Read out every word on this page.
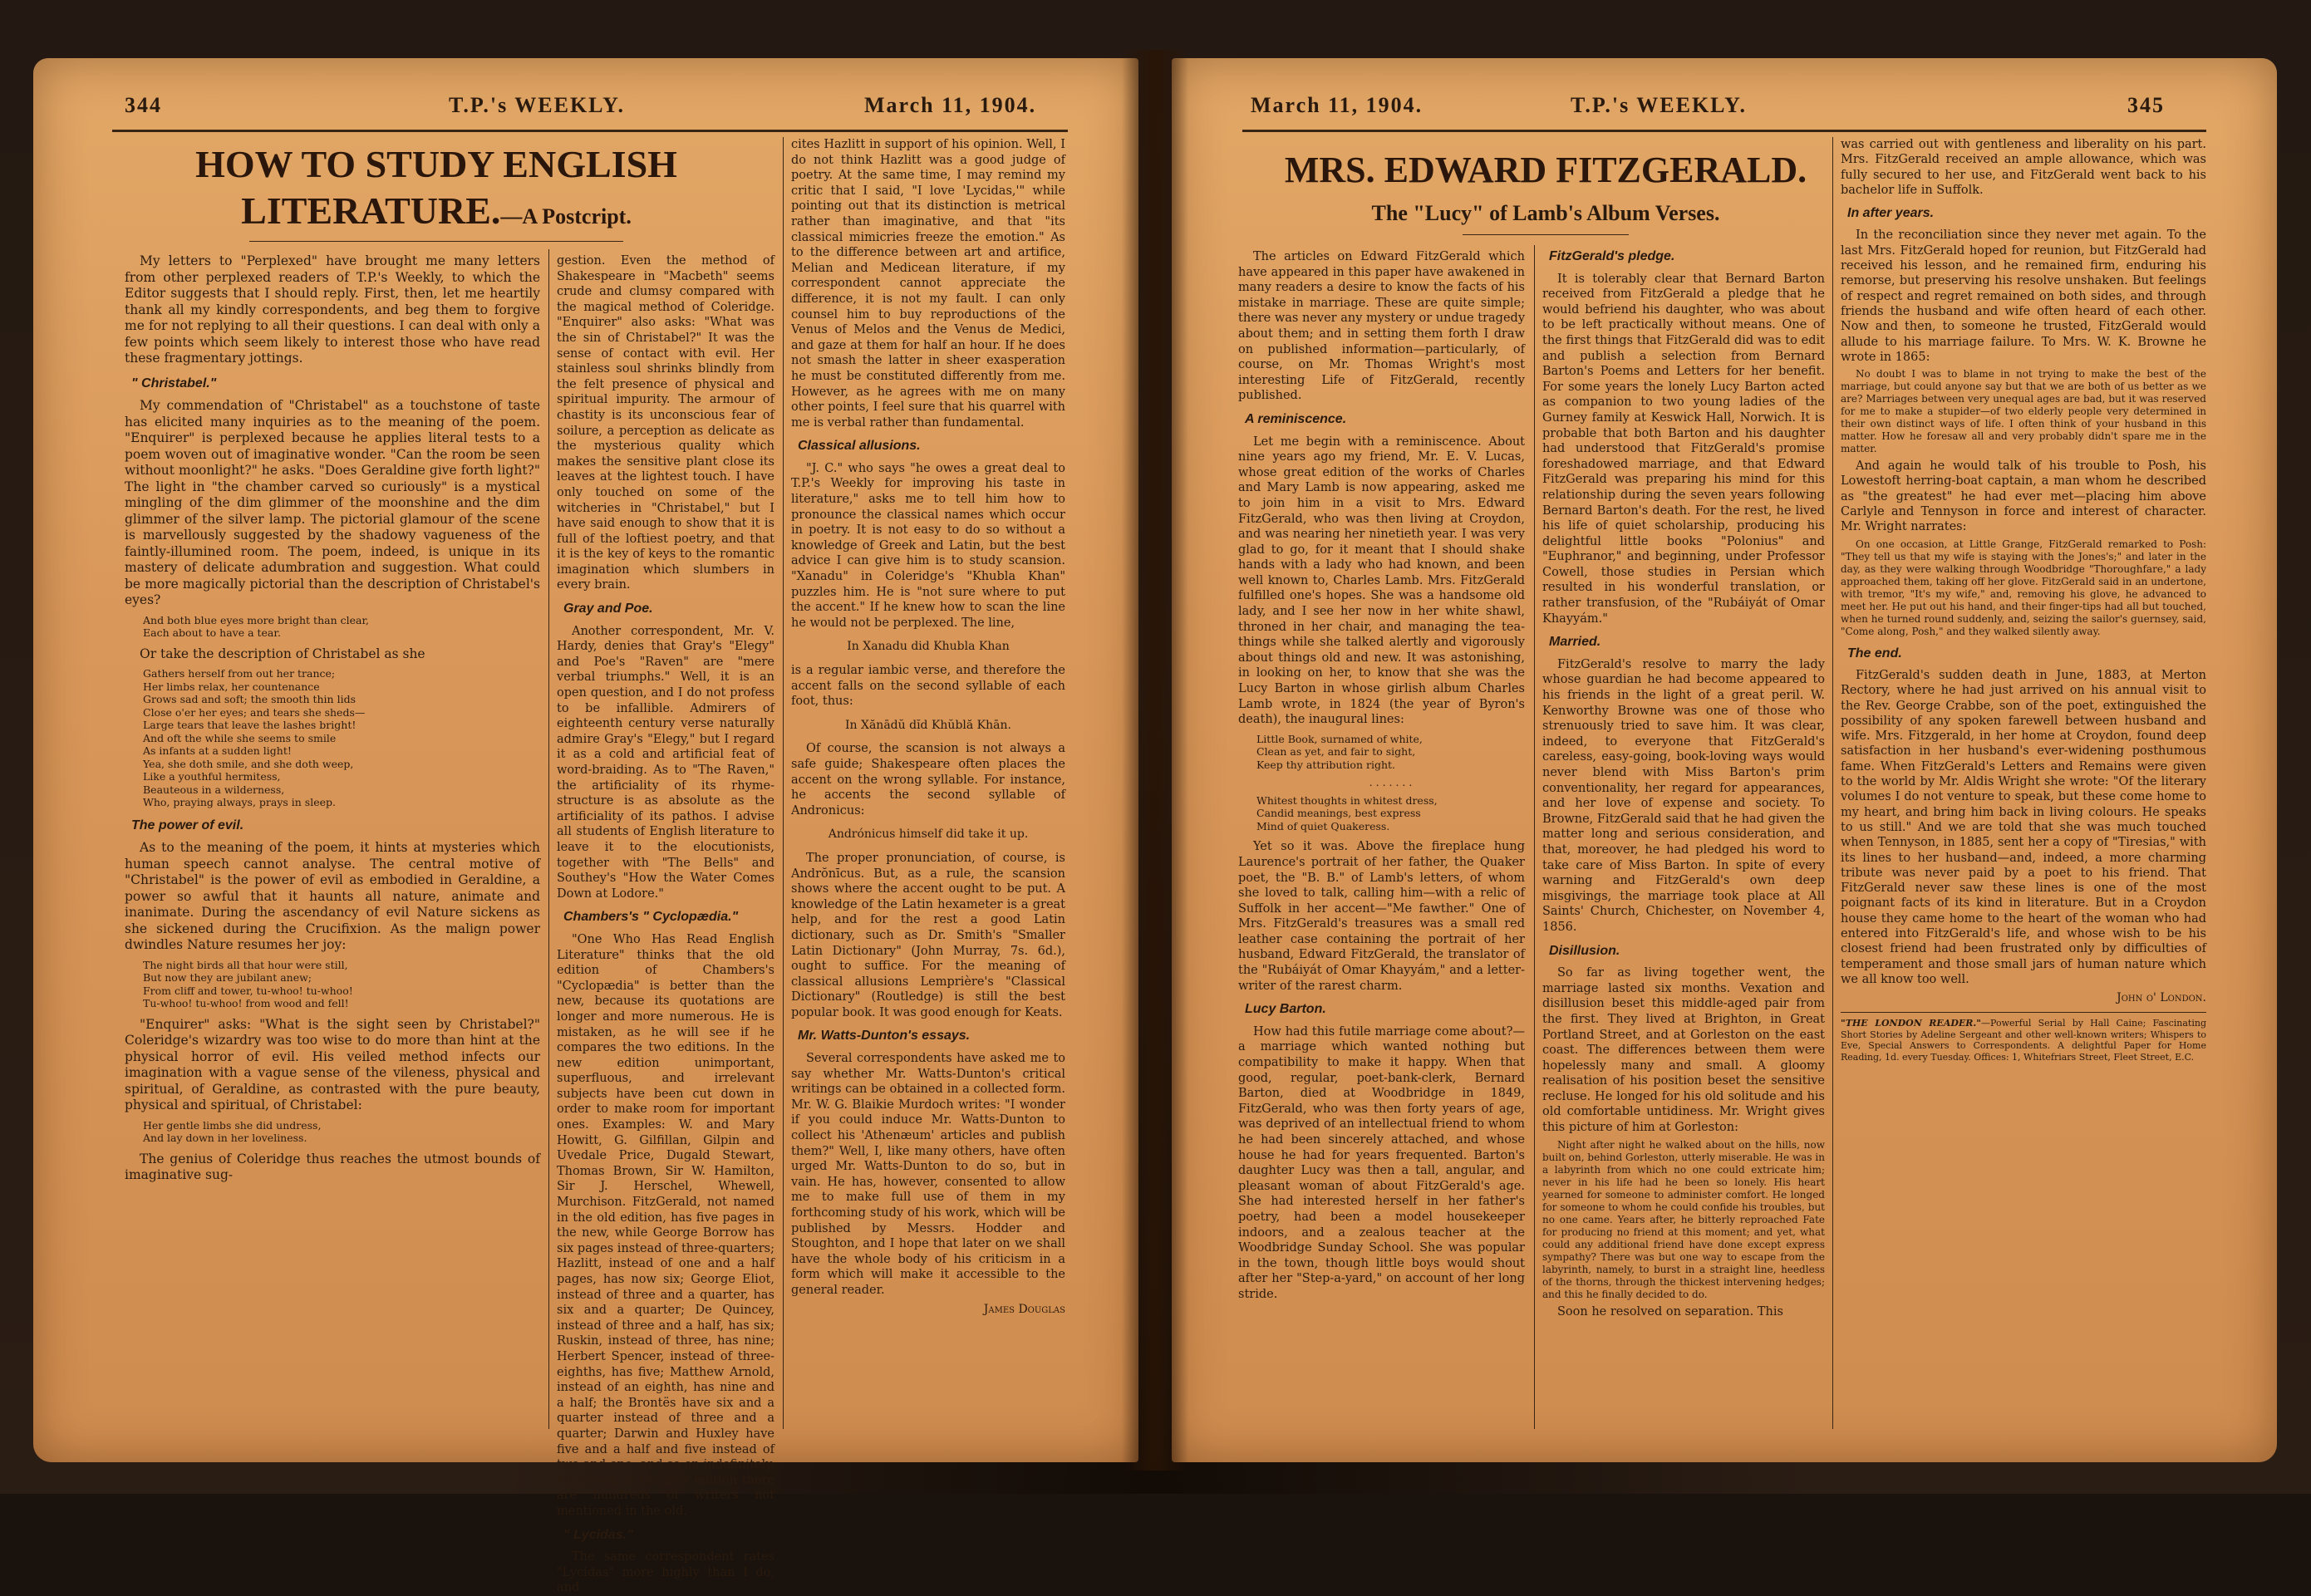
344	T.P.'s WEEKLY.	March 11, 1904.
HOW TO STUDY ENGLISH
LITERATURE.—A Postcript.

My letters to "Perplexed" have brought me many letters from other perplexed readers of T.P.'s Weekly, to which the Editor suggests that I should reply. First, then, let me heartily thank all my kindly correspondents, and beg them to forgive me for not replying to all their questions. I can deal with only a few points which seem likely to interest those who have read these fragmentary jottings.

" Christabel."

My commendation of "Christabel" as a touchstone of taste has elicited many inquiries as to the meaning of the poem. "Enquirer" is perplexed because he applies literal tests to a poem woven out of imaginative wonder. "Can the room be seen without moonlight?" he asks. "Does Geraldine give forth light?" The light in "the chamber carved so curiously" is a mystical mingling of the dim glimmer of the moonshine and the dim glimmer of the silver lamp. The pictorial glamour of the scene is marvellously suggested by the shadowy vagueness of the faintly-illumined room. The poem, indeed, is unique in its mastery of delicate adumbration and suggestion. What could be more magically pictorial than the description of Christabel's eyes?

And both blue eyes more bright than clear,
Each about to have a tear.

Or take the description of Christabel as she

Gathers herself from out her trance;
Her limbs relax, her countenance
Grows sad and soft; the smooth thin lids
Close o'er her eyes; and tears she sheds—
Large tears that leave the lashes bright!
And oft the while she seems to smile
As infants at a sudden light!
Yea, she doth smile, and she doth weep,
Like a youthful hermitess,
Beauteous in a wilderness,
Who, praying always, prays in sleep.
The power of evil.

As to the meaning of the poem, it hints at mysteries which human speech cannot analyse. The central motive of "Christabel" is the power of evil as embodied in Geraldine, a power so awful that it haunts all nature, animate and inanimate. During the ascendancy of evil Nature sickens as she sickened during the Crucifixion. As the malign power dwindles Nature resumes her joy:

The night birds all that hour were still,
But now they are jubilant anew;
From cliff and tower, tu-whoo! tu-whoo!
Tu-whoo! tu-whoo! from wood and fell!

"Enquirer" asks: "What is the sight seen by Christabel?" Coleridge's wizardry was too wise to do more than hint at the physical horror of evil. His veiled method infects our imagination with a vague sense of the vileness, physical and spiritual, of Geraldine, as contrasted with the pure beauty, physical and spiritual, of Christabel:

Her gentle limbs she did undress,
And lay down in her loveliness.

The genius of Coleridge thus reaches the utmost bounds of imaginative sug-

gestion. Even the method of Shakespeare in "Macbeth" seems crude and clumsy compared with the magical method of Coleridge. "Enquirer" also asks: "What was the sin of Christabel?" It was the sense of contact with evil. Her stainless soul shrinks blindly from the felt presence of physical and spiritual impurity. The armour of chastity is its unconscious fear of soilure, a perception as delicate as the mysterious quality which makes the sensitive plant close its leaves at the lightest touch. I have only touched on some of the witcheries in "Christabel," but I have said enough to show that it is full of the loftiest poetry, and that it is the key of keys to the romantic imagination which slumbers in every brain.

Gray and Poe.

Another correspondent, Mr. V. Hardy, denies that Gray's "Elegy" and Poe's "Raven" are "mere verbal triumphs." Well, it is an open question, and I do not profess to be infallible. Admirers of eighteenth century verse naturally admire Gray's "Elegy," but I regard it as a cold and artificial feat of word-braiding. As to "The Raven," the artificiality of its rhyme-structure is as absolute as the artificiality of its pathos. I advise all students of English literature to leave it to the elocutionists, together with "The Bells" and Southey's "How the Water Comes Down at Lodore."

Chambers's " Cyclopædia."

"One Who Has Read English Literature" thinks that the old edition of Chambers's "Cyclopædia" is better than the new, because its quotations are longer and more numerous. He is mistaken, as he will see if he compares the two editions. In the new edition unimportant, superfluous, and irrelevant subjects have been cut down in order to make room for important ones. Examples: W. and Mary Howitt, G. Gilfillan, Gilpin and Uvedale Price, Dugald Stewart, Thomas Brown, Sir W. Hamilton, Sir J. Herschel, Whewell, Murchison. FitzGerald, not named in the old edition, has five pages in the new, while George Borrow has six pages instead of three-quarters; Hazlitt, instead of one and a half pages, has now six; George Eliot, instead of three and a quarter, has six and a quarter; De Quincey, instead of three and a half, has six; Ruskin, instead of three, has nine; Herbert Spencer, instead of three-eighths, has five; Matthew Arnold, instead of an eighth, has nine and a half; the Brontës have six and a quarter instead of three and a quarter; Darwin and Huxley have five and a half and five instead of two and one; and so on indefinitely. Moreover, in the new edition there are hundreds of writers not mentioned in the old.

" Lycidas."

The same correspondent rates "Lycidas" more highly than I do, and

cites Hazlitt in support of his opinion. Well, I do not think Hazlitt was a good judge of poetry. At the same time, I may remind my critic that I said, "I love 'Lycidas,'" while pointing out that its distinction is metrical rather than imaginative, and that "its classical mimicries freeze the emotion." As to the difference between art and artifice, Melian and Medicean literature, if my correspondent cannot appreciate the difference, it is not my fault. I can only counsel him to buy reproductions of the Venus of Melos and the Venus de Medici, and gaze at them for half an hour. If he does not smash the latter in sheer exasperation he must be constituted differently from me. However, as he agrees with me on many other points, I feel sure that his quarrel with me is verbal rather than fundamental.

Classical allusions.

"J. C." who says "he owes a great deal to T.P.'s Weekly for improving his taste in literature," asks me to tell him how to pronounce the classical names which occur in poetry. It is not easy to do so without a knowledge of Greek and Latin, but the best advice I can give him is to study scansion. "Xanadu" in Coleridge's "Khubla Khan" puzzles him. He is "not sure where to put the accent." If he knew how to scan the line he would not be perplexed. The line,

In Xanadu did Khubla Khan

is a regular iambic verse, and therefore the accent falls on the second syllable of each foot, thus:

In Xănādŭ dĭd Khŭblă Khān.

Of course, the scansion is not always a safe guide; Shakespeare often places the accent on the wrong syllable. For instance, he accents the second syllable of Andronicus:

Andrónicus himself did take it up.

The proper pronunciation, of course, is Andrŏnīcus. But, as a rule, the scansion shows where the accent ought to be put. A knowledge of the Latin hexameter is a great help, and for the rest a good Latin dictionary, such as Dr. Smith's "Smaller Latin Dictionary" (John Murray, 7s. 6d.), ought to suffice. For the meaning of classical allusions Lemprière's "Classical Dictionary" (Routledge) is still the best popular book. It was good enough for Keats.

Mr. Watts-Dunton's essays.

Several correspondents have asked me to say whether Mr. Watts-Dunton's critical writings can be obtained in a collected form. Mr. W. G. Blaikie Murdoch writes: "I wonder if you could induce Mr. Watts-Dunton to collect his 'Athenæum' articles and publish them?" Well, I, like many others, have often urged Mr. Watts-Dunton to do so, but in vain. He has, however, consented to allow me to make full use of them in my forthcoming study of his work, which will be published by Messrs. Hodder and Stoughton, and I hope that later on we shall have the whole body of his criticism in a form which will make it accessible to the general reader.

James Douglas
March 11, 1904.	T.P.'s WEEKLY.	345
MRS. EDWARD FITZGERALD.
The "Lucy" of Lamb's Album Verses.

The articles on Edward FitzGerald which have appeared in this paper have awakened in many readers a desire to know the facts of his mistake in marriage. These are quite simple; there was never any mystery or undue tragedy about them; and in setting them forth I draw on published information—particularly, of course, on Mr. Thomas Wright's most interesting Life of FitzGerald, recently published.

A reminiscence.

Let me begin with a reminiscence. About nine years ago my friend, Mr. E. V. Lucas, whose great edition of the works of Charles and Mary Lamb is now appearing, asked me to join him in a visit to Mrs. Edward FitzGerald, who was then living at Croydon, and was nearing her ninetieth year. I was very glad to go, for it meant that I should shake hands with a lady who had known, and been well known to, Charles Lamb. Mrs. FitzGerald fulfilled one's hopes. She was a handsome old lady, and I see her now in her white shawl, throned in her chair, and managing the tea-things while she talked alertly and vigorously about things old and new. It was astonishing, in looking on her, to know that she was the Lucy Barton in whose girlish album Charles Lamb wrote, in 1824 (the year of Byron's death), the inaugural lines:

Little Book, surnamed of white,
Clean as yet, and fair to sight,
Keep thy attribution right.
. . . . . . .
Whitest thoughts in whitest dress,
Candid meanings, best express
Mind of quiet Quakeress.

Yet so it was. Above the fireplace hung Laurence's portrait of her father, the Quaker poet, the "B. B." of Lamb's letters, of whom she loved to talk, calling him—with a relic of Suffolk in her accent—"Me fawther." One of Mrs. FitzGerald's treasures was a small red leather case containing the portrait of her husband, Edward FitzGerald, the translator of the "Rubáiyát of Omar Khayyám," and a letter-writer of the rarest charm.

Lucy Barton.

How had this futile marriage come about?—a marriage which wanted nothing but compatibility to make it happy. When that good, regular, poet-bank-clerk, Bernard Barton, died at Woodbridge in 1849, FitzGerald, who was then forty years of age, was deprived of an intellectual friend to whom he had been sincerely attached, and whose house he had for years frequented. Barton's daughter Lucy was then a tall, angular, and pleasant woman of about FitzGerald's age. She had interested herself in her father's poetry, had been a model housekeeper indoors, and a zealous teacher at the Woodbridge Sunday School. She was popular in the town, though little boys would shout after her "Step-a-yard," on account of her long stride.

FitzGerald's pledge.

It is tolerably clear that Bernard Barton received from FitzGerald a pledge that he would befriend his daughter, who was about to be left practically without means. One of the first things that FitzGerald did was to edit and publish a selection from Bernard Barton's Poems and Letters for her benefit. For some years the lonely Lucy Barton acted as companion to two young ladies of the Gurney family at Keswick Hall, Norwich. It is probable that both Barton and his daughter had understood that FitzGerald's promise foreshadowed marriage, and that Edward FitzGerald was preparing his mind for this relationship during the seven years following Bernard Barton's death. For the rest, he lived his life of quiet scholarship, producing his delightful little books "Polonius" and "Euphranor," and beginning, under Professor Cowell, those studies in Persian which resulted in his wonderful translation, or rather transfusion, of the "Rubáiyát of Omar Khayyám."

Married.

FitzGerald's resolve to marry the lady whose guardian he had become appeared to his friends in the light of a great peril. W. Kenworthy Browne was one of those who strenuously tried to save him. It was clear, indeed, to everyone that FitzGerald's careless, easy-going, book-loving ways would never blend with Miss Barton's prim conventionality, her regard for appearances, and her love of expense and society. To Browne, FitzGerald said that he had given the matter long and serious consideration, and that, moreover, he had pledged his word to take care of Miss Barton. In spite of every warning and FitzGerald's own deep misgivings, the marriage took place at All Saints' Church, Chichester, on November 4, 1856.

Disillusion.

So far as living together went, the marriage lasted six months. Vexation and disillusion beset this middle-aged pair from the first. They lived at Brighton, in Great Portland Street, and at Gorleston on the east coast. The differences between them were hopelessly many and small. A gloomy realisation of his position beset the sensitive recluse. He longed for his old solitude and his old comfortable untidiness. Mr. Wright gives this picture of him at Gorleston:

Night after night he walked about on the hills, now built on, behind Gorleston, utterly miserable. He was in a labyrinth from which no one could extricate him; never in his life had he been so lonely. His heart yearned for someone to administer comfort. He longed for someone to whom he could confide his troubles, but no one came. Years after, he bitterly reproached Fate for producing no friend at this moment; and yet, what could any additional friend have done except express sympathy? There was but one way to escape from the labyrinth, namely, to burst in a straight line, heedless of the thorns, through the thickest intervening hedges; and this he finally decided to do.

Soon he resolved on separation. This

was carried out with gentleness and liberality on his part. Mrs. FitzGerald received an ample allowance, which was fully secured to her use, and FitzGerald went back to his bachelor life in Suffolk.

In after years.

In the reconciliation since they never met again. To the last Mrs. FitzGerald hoped for reunion, but FitzGerald had received his lesson, and he remained firm, enduring his remorse, but preserving his resolve unshaken. But feelings of respect and regret remained on both sides, and through friends the husband and wife often heard of each other. Now and then, to someone he trusted, FitzGerald would allude to his marriage failure. To Mrs. W. K. Browne he wrote in 1865:

No doubt I was to blame in not trying to make the best of the marriage, but could anyone say but that we are both of us better as we are? Marriages between very unequal ages are bad, but it was reserved for me to make a stupider—of two elderly people very determined in their own distinct ways of life. I often think of your husband in this matter. How he foresaw all and very probably didn't spare me in the matter.

And again he would talk of his trouble to Posh, his Lowestoft herring-boat captain, a man whom he described as "the greatest" he had ever met—placing him above Carlyle and Tennyson in force and interest of character. Mr. Wright narrates:

On one occasion, at Little Grange, FitzGerald remarked to Posh: "They tell us that my wife is staying with the Jones's;" and later in the day, as they were walking through Woodbridge "Thoroughfare," a lady approached them, taking off her glove. FitzGerald said in an undertone, with tremor, "It's my wife," and, removing his glove, he advanced to meet her. He put out his hand, and their finger-tips had all but touched, when he turned round suddenly, and, seizing the sailor's guernsey, said, "Come along, Posh," and they walked silently away.

The end.

FitzGerald's sudden death in June, 1883, at Merton Rectory, where he had just arrived on his annual visit to the Rev. George Crabbe, son of the poet, extinguished the possibility of any spoken farewell between husband and wife. Mrs. Fitzgerald, in her home at Croydon, found deep satisfaction in her husband's ever-widening posthumous fame. When FitzGerald's Letters and Remains were given to the world by Mr. Aldis Wright she wrote: "Of the literary volumes I do not venture to speak, but these come home to my heart, and bring him back in living colours. He speaks to us still." And we are told that she was much touched when Tennyson, in 1885, sent her a copy of "Tiresias," with its lines to her husband—and, indeed, a more charming tribute was never paid by a poet to his friend. That FitzGerald never saw these lines is one of the most poignant facts of its kind in literature. But in a Croydon house they came home to the heart of the woman who had entered into FitzGerald's life, and whose wish to be his closest friend had been frustrated only by difficulties of temperament and those small jars of human nature which we all know too well.

John o' London.
"THE LONDON READER."—Powerful Serial by Hall Caine; Fascinating Short Stories by Adeline Sergeant and other well-known writers; Whispers to Eve, Special Answers to Correspondents. A delightful Paper for Home Reading, 1d. every Tuesday. Offices: 1, Whitefriars Street, Fleet Street, E.C.
